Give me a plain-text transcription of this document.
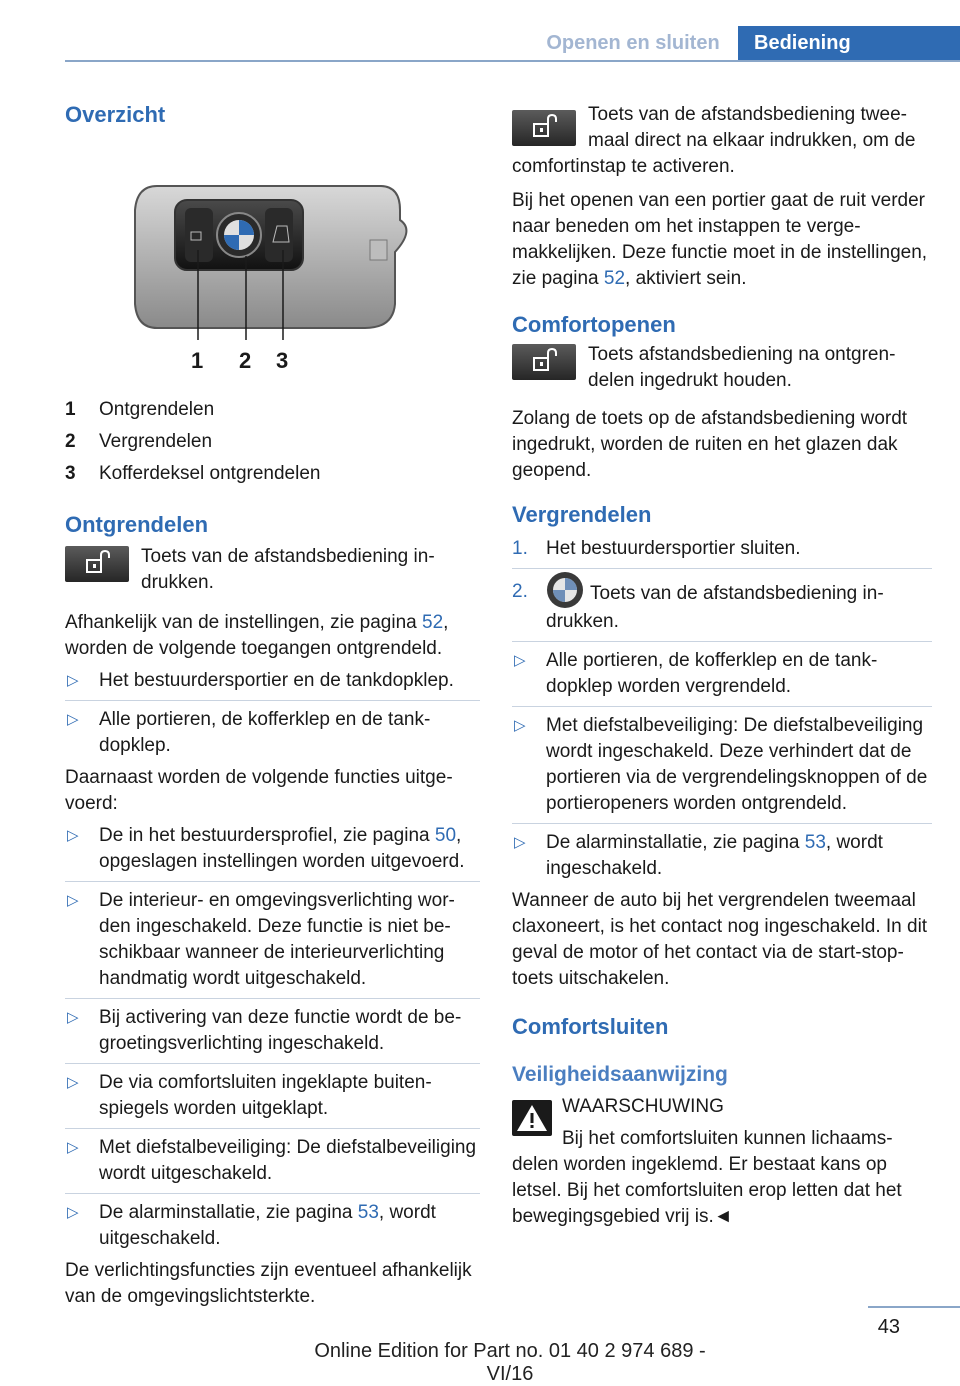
Openen en sluiten	Bediening
Overzicht
1 2 3
1	Ontgrendelen
2	Vergrendelen
3	Kofferdeksel ontgrendelen
Ontgrendelen

Toets van de afstandsbediening indrukken.

Afhankelijk van de instellingen, zie pagina 52, worden de volgende toegangen ontgrendeld.

▷	Het bestuurdersportier en de tankdopklep.
▷	Alle portieren, de kofferklep en de tankdopklep.

Daarnaast worden de volgende functies uitgevoerd:

▷	De in het bestuurdersprofiel, zie pagina 50, opgeslagen instellingen worden uitgevoerd.
▷	De interieur- en omgevingsverlichting worden ingeschakeld. Deze functie is niet beschikbaar wanneer de interieurverlichting handmatig wordt uitgeschakeld.
▷	Bij activering van deze functie wordt de begroetingsverlichting ingeschakeld.
▷	De via comfortsluiten ingeklapte buitenspiegels worden uitgeklapt.
▷	Met diefstalbeveiliging: De diefstalbeveiliging wordt uitgeschakeld.
▷	De alarminstallatie, zie pagina 53, wordt uitgeschakeld.

De verlichtingsfuncties zijn eventueel afhankelijk van de omgevingslichtsterkte.

Toets van de afstandsbediening tweemaal direct na elkaar indrukken, om de comfortinstap te activeren.

Bij het openen van een portier gaat de ruit verder naar beneden om het instappen te vergemakkelijken. Deze functie moet in de instellingen, zie pagina 52, aktiviert sein.

Comfortopenen

Toets afstandsbediening na ontgrendelen ingedrukt houden.

Zolang de toets op de afstandsbediening wordt ingedrukt, worden de ruiten en het glazen dak geopend.

Vergrendelen
1. Het bestuurdersportier sluiten.
2.	Toets van de afstandsbediening indrukken.
▷	Alle portieren, de kofferklep en de tankdopklep worden vergrendeld.
▷	Met diefstalbeveiliging: De diefstalbeveiliging wordt ingeschakeld. Deze verhindert dat de portieren via de vergrendelingsknoppen of de portieropeners worden ontgrendeld.
▷	De alarminstallatie, zie pagina 53, wordt ingeschakeld.

Wanneer de auto bij het vergrendelen tweemaal claxoneert, is het contact nog ingeschakeld. In dit geval de motor of het contact via de start-stop-toets uitschakelen.

Comfortsluiten
Veiligheidsaanwijzing

WAARSCHUWING

Bij het comfortsluiten kunnen lichaamsdelen worden ingeklemd. Er bestaat kans op letsel. Bij het comfortsluiten erop letten dat het bewegingsgebied vrij is.◄

43
Online Edition for Part no. 01 40 2 974 689 - VI/16
